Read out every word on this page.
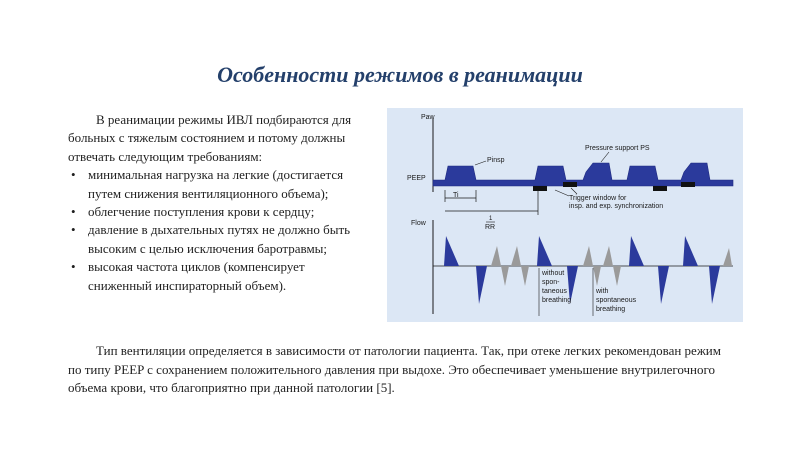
Особенности режимов в реанимации

В реанимации режимы ИВЛ подбираются для больных с тяжелым состоянием и потому должны отвечать следующим требованиям:

• минимальная нагрузка на легкие (достигается путем снижения вентиляционного объема);
• облегчение поступления крови к сердцу;
• давление в дыхательных путях не должно быть высоким с целью исключения баротравмы;
• высокая частота циклов (компенсирует сниженный инспираторный объем).
Paw
PEEP
Pinsp
Pressure support PS
Ti
1
RR
Trigger window for
insp. and exp. synchronization
Flow
without
spon-
taneous
breathing
with
spontaneous
breathing

Тип вентиляции определяется в зависимости от патологии пациента. Так, при отеке легких рекомендован режим по типу PEEP с сохранением положительного давления при выдохе. Это обеспечивает уменьшение внутрилегочного объема крови, что благоприятно при данной патологии [5].
